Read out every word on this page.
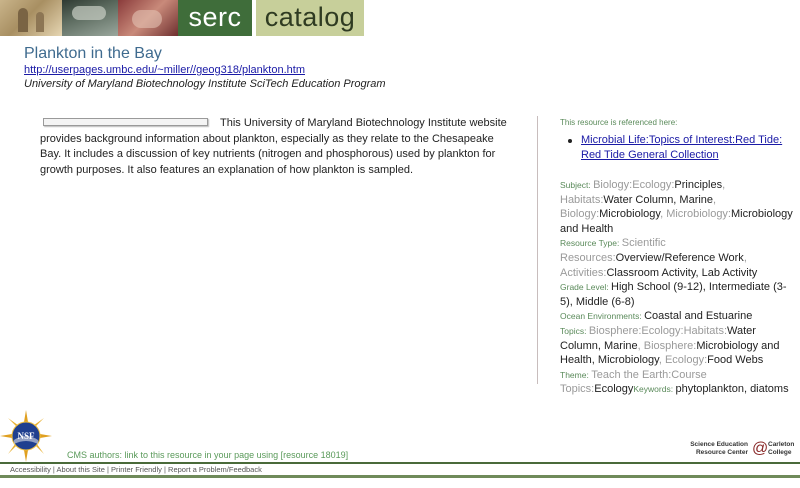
serc catalog
Plankton in the Bay
http://userpages.umbc.edu/~miller//geog318/plankton.htm
University of Maryland Biotechnology Institute SciTech Education Program

This University of Maryland Biotechnology Institute website provides background information about plankton, especially as they relate to the Chesapeake Bay. It includes a discussion of key nutrients (nitrogen and phosphorous) used by plankton for growth purposes. It also features an explanation of how plankton is sampled.

This resource is referenced here:
Microbial Life:Topics of Interest:Red Tide: Red Tide General Collection
Subject: Biology:Ecology:Principles, Habitats:Water Column, Marine, Biology:Microbiology, Microbiology:Microbiology and Health
Resource Type: Scientific Resources:Overview/Reference Work, Activities:Classroom Activity, Lab Activity
Grade Level: High School (9-12), Intermediate (3-5), Middle (6-8)
Ocean Environments: Coastal and Estuarine
Topics: Biosphere:Ecology:Habitats:Water Column, Marine, Biosphere:Microbiology and Health, Microbiology, Ecology:Food Webs
Theme: Teach the Earth:Course Topics:EcologyKeywords: phytoplankton, diatoms
NSF
CMS authors: link to this resource in your page using [resource 18019]
Science Education Resource Center @ Carleton College
Accessibility | About this Site | Printer Friendly | Report a Problem/Feedback
